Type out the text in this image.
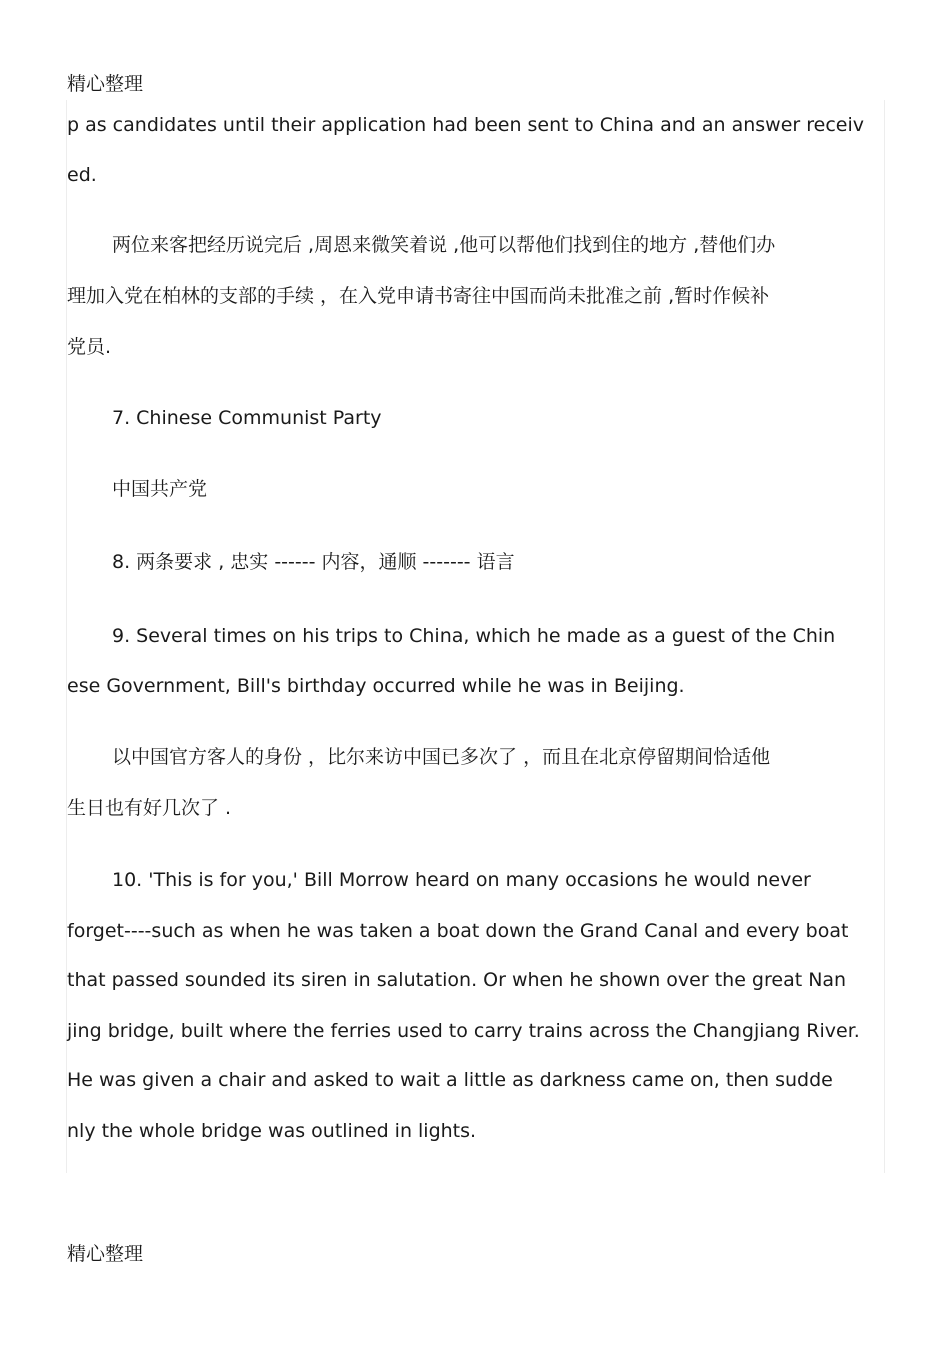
精心整理
p as candidates until their application had been sent to China and an answer receiv
ed.
两位来客把经历说完后 ,周恩来微笑着说 ,他可以帮他们找到住的地方 ,替他们办
理加入党在柏林的支部的手续 ，在入党申请书寄往中国而尚未批准之前 ,暂时作候补
党员.
7. Chinese Communist Party
中国共产党
8. 两条要求 , 忠实 ------ 内容，通顺 ------- 语言
9. Several times on his trips to China, which he made as a guest of the Chin
ese Government, Bill's birthday occurred while he was in Beijing.
以中国官方客人的身份 ，比尔来访中国已多次了 ，而且在北京停留期间恰适他
生日也有好几次了 .
10. 'This is for you,' Bill Morrow heard on many occasions he would never
forget----such as when he was taken a boat down the Grand Canal and every boat
that passed sounded its siren in salutation. Or when he shown over the great Nan
jing bridge, built where the ferries used to carry trains across the Changjiang River.
He was given a chair and asked to wait a little as darkness came on, then sudde
nly the whole bridge was outlined in lights.
精心整理
